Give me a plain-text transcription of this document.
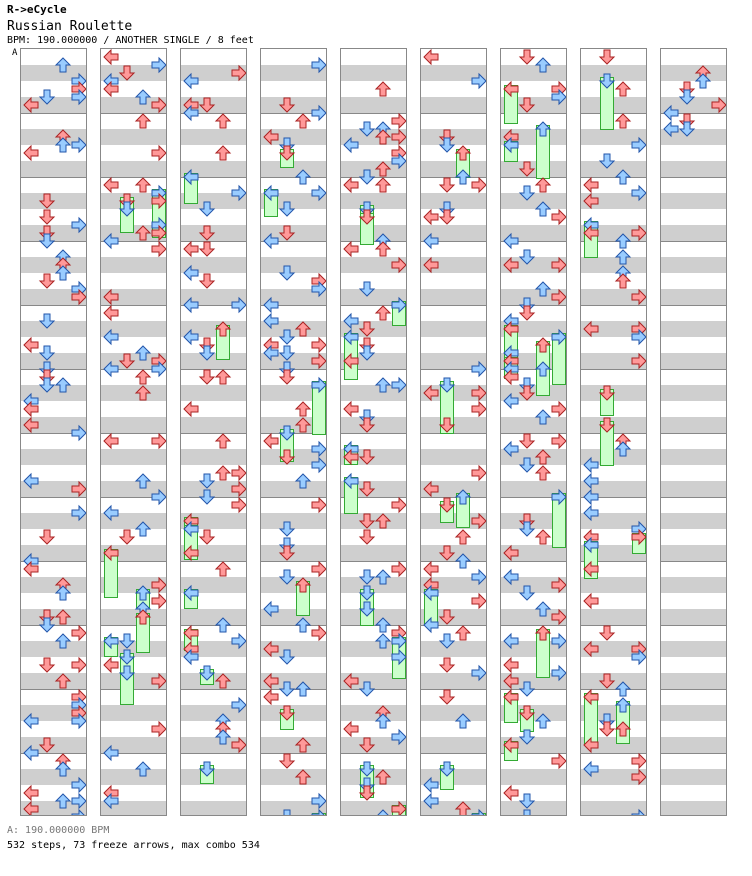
R->eCycle
Russian Roulette
BPM: 190.000000 / ANOTHER SINGLE / 8 feet
A
A: 190.000000 BPM
532 steps, 73 freeze arrows, max combo 534
